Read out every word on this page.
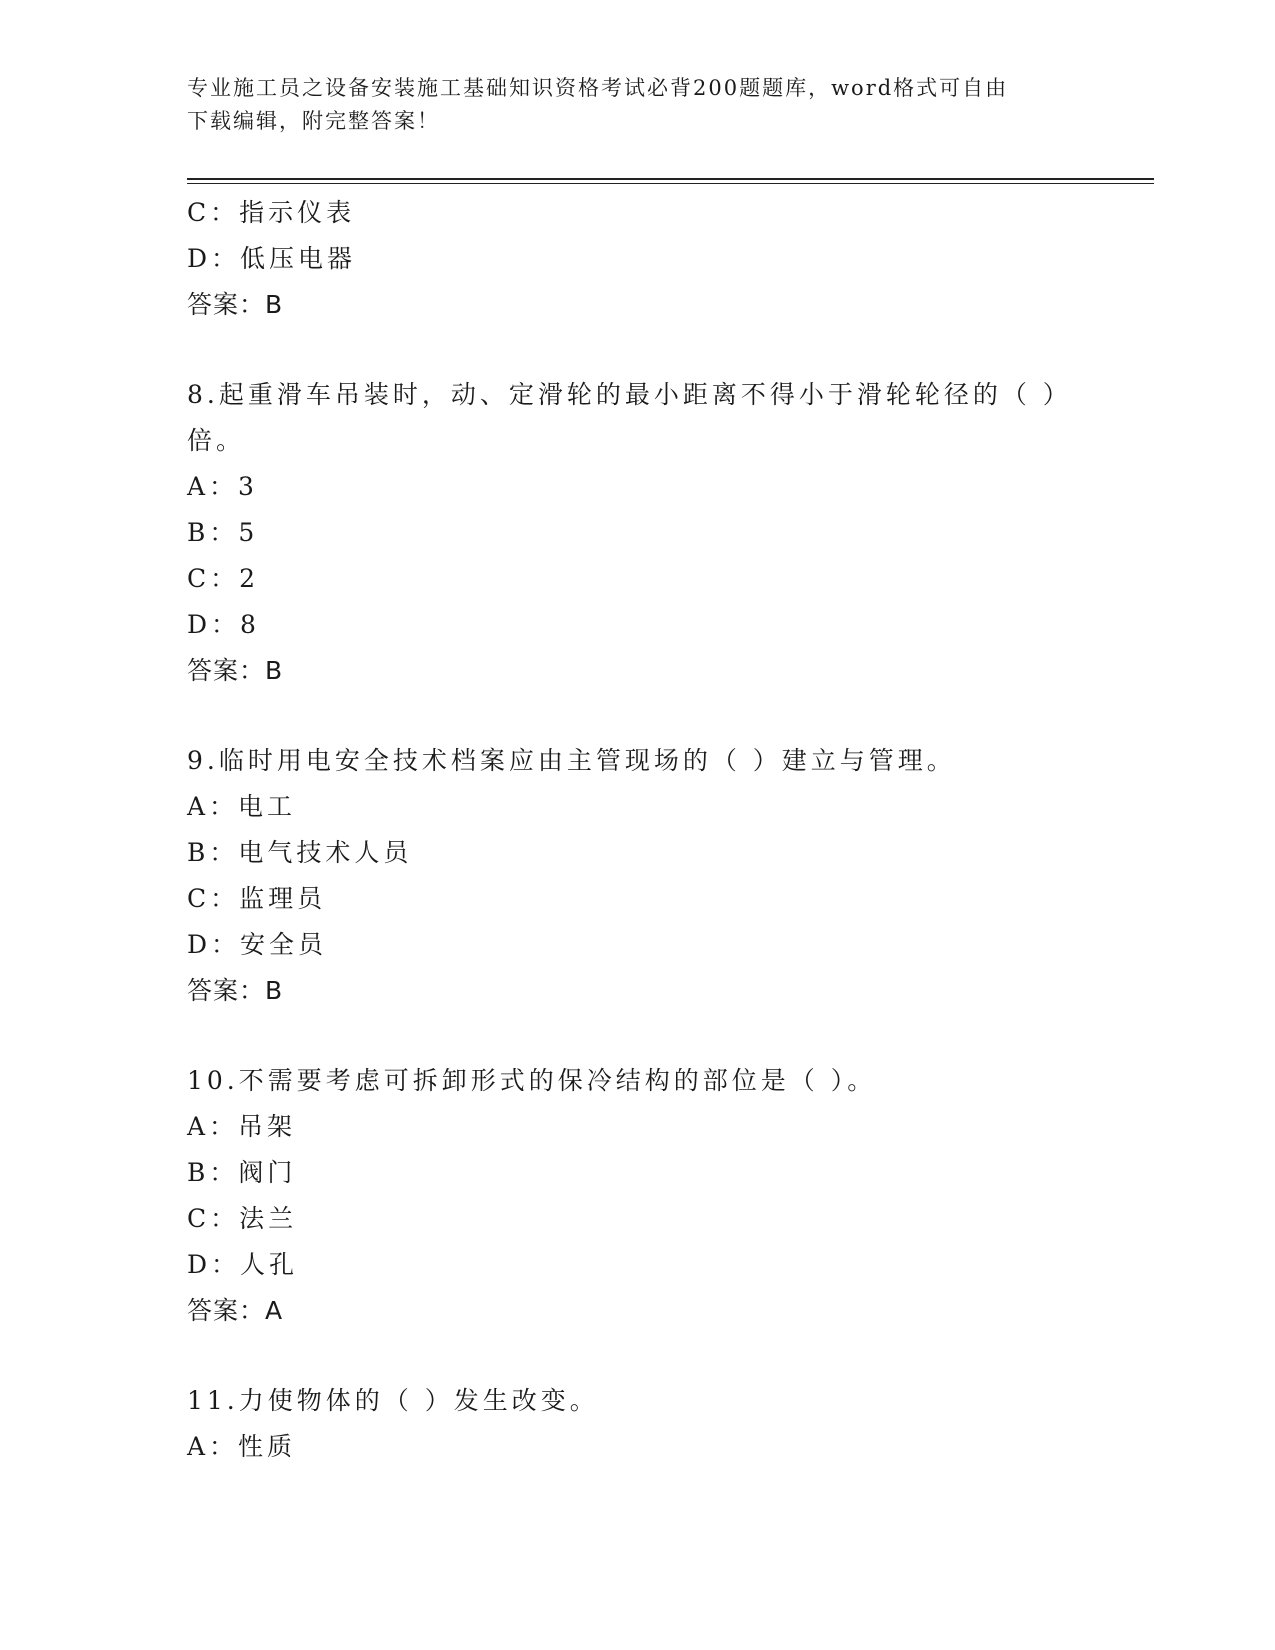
专业施工员之设备安装施工基础知识资格考试必背200题题库，word格式可自由
下载编辑，附完整答案！
C：指示仪表
D：低压电器
答案：B
8.起重滑车吊装时，动、定滑轮的最小距离不得小于滑轮轮径的（ ）
倍。
A：3
B：5
C：2
D：8
答案：B
9.临时用电安全技术档案应由主管现场的（ ）建立与管理。
A：电工
B：电气技术人员
C：监理员
D：安全员
答案：B
10.不需要考虑可拆卸形式的保冷结构的部位是（ ）。
A：吊架
B：阀门
C：法兰
D：人孔
答案：A
11.力使物体的（ ）发生改变。
A：性质
